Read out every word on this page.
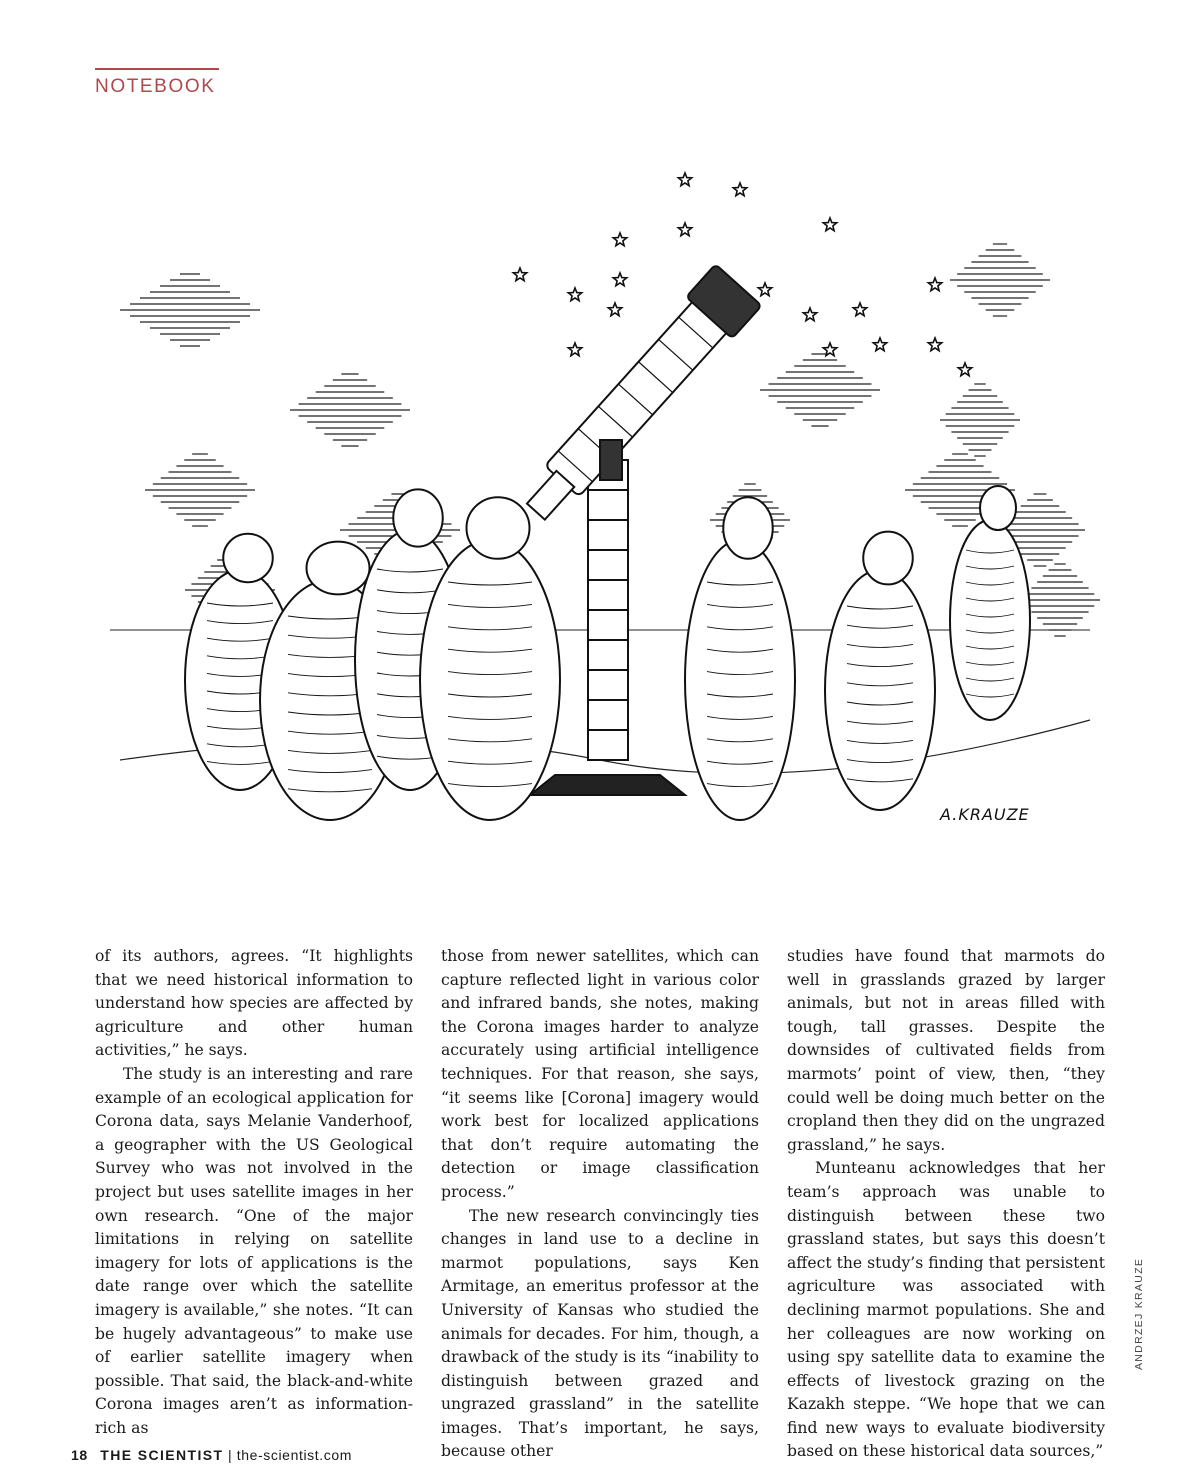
NOTEBOOK
A.KRAUZE

of its authors, agrees. “It highlights that we need historical information to understand how species are affected by agriculture and other human activities,” he says.

The study is an interesting and rare example of an ecological application for Corona data, says Melanie Vanderhoof, a geographer with the US Geological Survey who was not involved in the project but uses satellite images in her own research. “One of the major limitations in relying on satellite imagery for lots of applications is the date range over which the satellite imagery is available,” she notes. “It can be hugely advantageous” to make use of earlier satellite imagery when possible. That said, the black-and-white Corona images aren’t as information-rich as

those from newer satellites, which can capture reflected light in various color and infrared bands, she notes, making the Corona images harder to analyze accurately using artificial intelligence techniques. For that reason, she says, “it seems like [Corona] imagery would work best for localized applications that don’t require automating the detection or image classification process.”

The new research convincingly ties changes in land use to a decline in marmot populations, says Ken Armitage, an emeritus professor at the University of Kansas who studied the animals for decades. For him, though, a drawback of the study is its “inability to distinguish between grazed and ungrazed grassland” in the satellite images. That’s important, he says, because other

studies have found that marmots do well in grasslands grazed by larger animals, but not in areas filled with tough, tall grasses. Despite the downsides of cultivated fields from marmots’ point of view, then, “they could well be doing much better on the cropland then they did on the ungrazed grassland,” he says.

Munteanu acknowledges that her team’s approach was unable to distinguish between these two grassland states, but says this doesn’t affect the study’s finding that persistent agriculture was associated with declining marmot populations. She and her colleagues are now working on using spy satellite data to examine the effects of livestock grazing on the Kazakh steppe. “We hope that we can find new ways to evaluate biodiversity based on these historical data sources,”

18 THE SCIENTIST | the-scientist.com
ANDRZEJ KRAUZE
